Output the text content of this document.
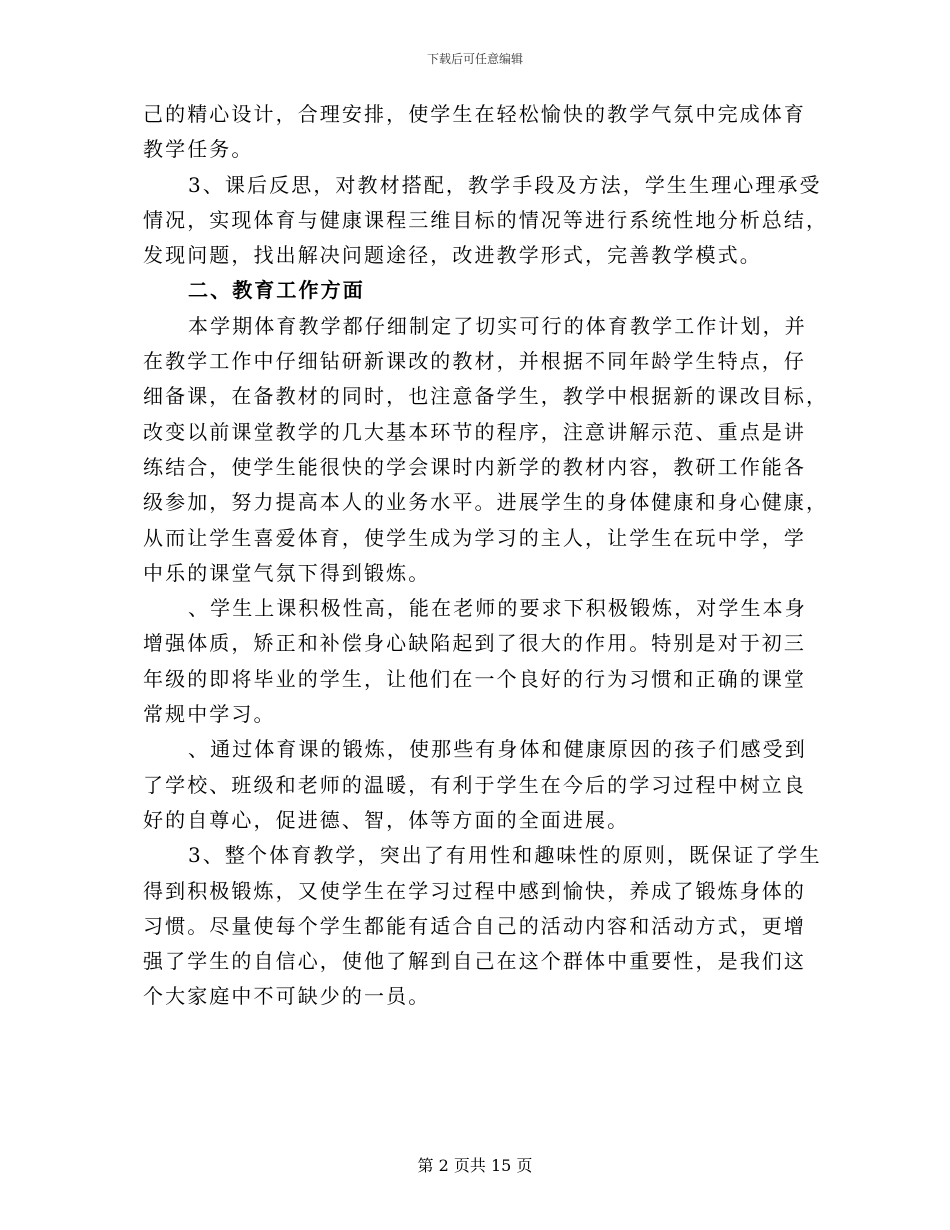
下载后可任意编辑
己的精心设计，合理安排，使学生在轻松愉快的教学气氛中完成体育
教学任务。
3、课后反思，对教材搭配，教学手段及方法，学生生理心理承受
情况，实现体育与健康课程三维目标的情况等进行系统性地分析总结，
发现问题，找出解决问题途径，改进教学形式，完善教学模式。
二、教育工作方面
本学期体育教学都仔细制定了切实可行的体育教学工作计划，并
在教学工作中仔细钻研新课改的教材，并根据不同年龄学生特点，仔
细备课，在备教材的同时，也注意备学生，教学中根据新的课改目标，
改变以前课堂教学的几大基本环节的程序，注意讲解示范、重点是讲
练结合，使学生能很快的学会课时内新学的教材内容，教研工作能各
级参加，努力提高本人的业务水平。进展学生的身体健康和身心健康，
从而让学生喜爱体育，使学生成为学习的主人，让学生在玩中学，学
中乐的课堂气氛下得到锻炼。
、学生上课积极性高，能在老师的要求下积极锻炼，对学生本身
增强体质，矫正和补偿身心缺陷起到了很大的作用。特别是对于初三
年级的即将毕业的学生，让他们在一个良好的行为习惯和正确的课堂
常规中学习。
、通过体育课的锻炼，使那些有身体和健康原因的孩子们感受到
了学校、班级和老师的温暖，有利于学生在今后的学习过程中树立良
好的自尊心，促进德、智，体等方面的全面进展。
3、整个体育教学，突出了有用性和趣味性的原则，既保证了学生
得到积极锻炼，又使学生在学习过程中感到愉快，养成了锻炼身体的
习惯。尽量使每个学生都能有适合自己的活动内容和活动方式，更增
强了学生的自信心，使他了解到自己在这个群体中重要性，是我们这
个大家庭中不可缺少的一员。
第 2 页共 15 页
